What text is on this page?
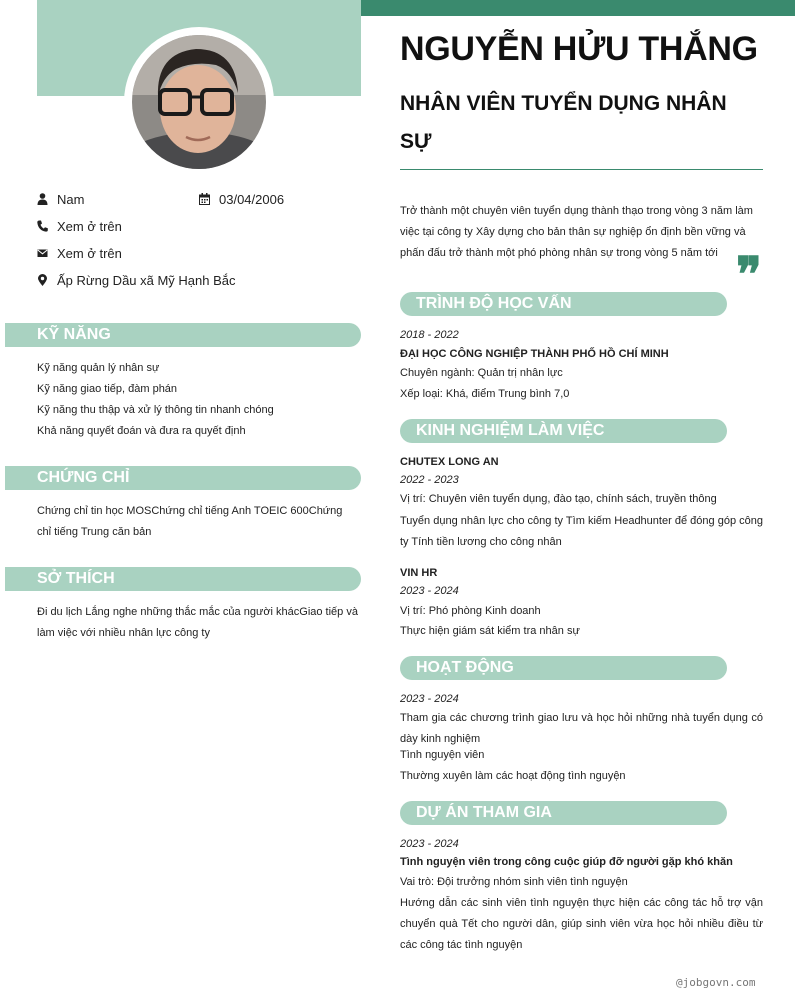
Nam	03/04/2006
Xem ở trên
Xem ở trên
Ấp Rừng Dầu xã Mỹ Hạnh Bắc
KỸ NĂNG
Kỹ năng quản lý nhân sự
Kỹ năng giao tiếp, đàm phán
Kỹ năng thu thập và xử lý thông tin nhanh chóng
Khả năng quyết đoán và đưa ra quyết định
CHỨNG CHỈ
Chứng chỉ tin học MOSChứng chỉ tiếng Anh TOEIC 600Chứng chỉ tiếng Trung căn bản
SỞ THÍCH
Đi du lịch Lắng nghe những thắc mắc của người khácGiao tiếp và làm việc với nhiều nhân lực công ty
NGUYỄN HỬU THẮNG
NHÂN VIÊN TUYỂN DỤNG NHÂN SỰ
Trở thành một chuyên viên tuyển dụng thành thạo trong vòng 3 năm làm việc tại công ty Xây dựng cho bản thân sự nghiệp ổn định bền vững và phấn đấu trở thành một phó phòng nhân sự trong vòng 5 năm tới ❞
TRÌNH ĐỘ HỌC VẤN
2018 - 2022
ĐẠI HỌC CÔNG NGHIỆP THÀNH PHỐ HỒ CHÍ MINH
Chuyên ngành: Quản trị nhân lực
Xếp loại: Khá, điểm Trung bình 7,0
KINH NGHIỆM LÀM VIỆC
CHUTEX LONG AN
2022 - 2023
Vị trí: Chuyên viên tuyển dụng, đào tạo, chính sách, truyền thông
Tuyển dụng nhân lực cho công ty Tìm kiếm Headhunter để đóng góp công ty Tính tiền lương cho công nhân
VIN HR
2023 - 2024
Vị trí: Phó phòng Kinh doanh
Thực hiện giám sát kiểm tra nhân sự
HOẠT ĐỘNG
2023 - 2024
Tham gia các chương trình giao lưu và học hỏi những nhà tuyển dụng có dày kinh nghiệm
Tình nguyện viên
Thường xuyên làm các hoạt động tình nguyện
DỰ ÁN THAM GIA
2023 - 2024
Tình nguyện viên trong công cuộc giúp đỡ người gặp khó khăn
Vai trò: Đội trưởng nhóm sinh viên tình nguyện
Hướng dẫn các sinh viên tình nguyện thực hiện các công tác hỗ trợ vận chuyển quà Tết cho người dân, giúp sinh viên vừa học hỏi nhiều điều từ các công tác tình nguyện
@jobgovn.com
